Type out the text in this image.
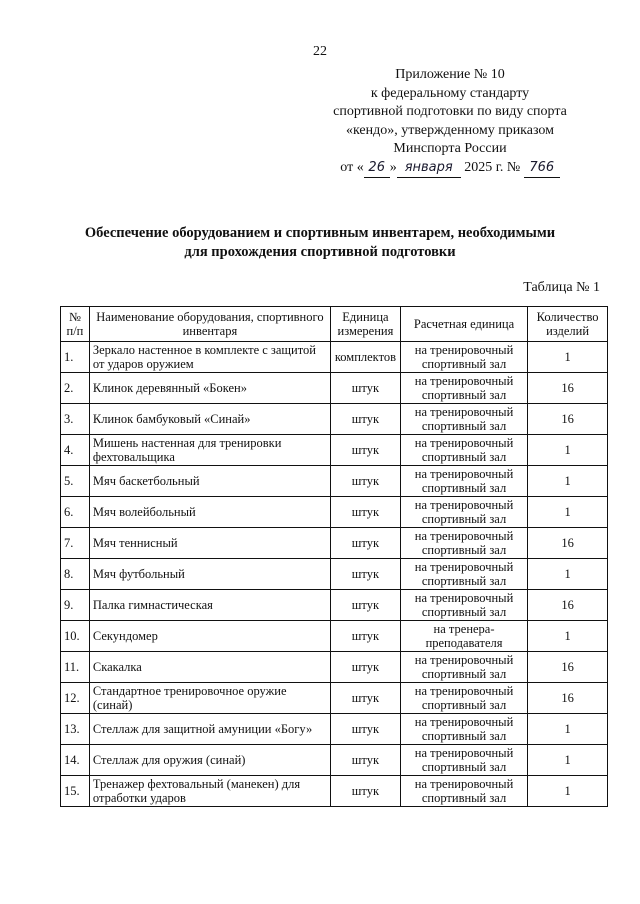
22
Приложение № 10
к федеральному стандарту
спортивной подготовки по виду спорта
«кендо», утвержденному приказом
Минспорта России
от « 26 » января 2025 г. № 766
Обеспечение оборудованием и спортивным инвентарем, необходимыми
для прохождения спортивной подготовки
Таблица № 1
№ п/п	Наименование оборудования, спортивного инвентаря	Единица измерения	Расчетная единица	Количество изделий
1.	Зеркало настенное в комплекте с защитой от ударов оружием	комплектов	на тренировочный спортивный зал	1
2.	Клинок деревянный «Бокен»	штук	на тренировочный спортивный зал	16
3.	Клинок бамбуковый «Синай»	штук	на тренировочный спортивный зал	16
4.	Мишень настенная для тренировки фехтовальщика	штук	на тренировочный спортивный зал	1
5.	Мяч баскетбольный	штук	на тренировочный спортивный зал	1
6.	Мяч волейбольный	штук	на тренировочный спортивный зал	1
7.	Мяч теннисный	штук	на тренировочный спортивный зал	16
8.	Мяч футбольный	штук	на тренировочный спортивный зал	1
9.	Палка гимнастическая	штук	на тренировочный спортивный зал	16
10.	Секундомер	штук	на тренера-преподавателя	1
11.	Скакалка	штук	на тренировочный спортивный зал	16
12.	Стандартное тренировочное оружие (синай)	штук	на тренировочный спортивный зал	16
13.	Стеллаж для защитной амуниции «Богу»	штук	на тренировочный спортивный зал	1
14.	Стеллаж для оружия (синай)	штук	на тренировочный спортивный зал	1
15.	Тренажер фехтовальный (манекен) для отработки ударов	штук	на тренировочный спортивный зал	1
